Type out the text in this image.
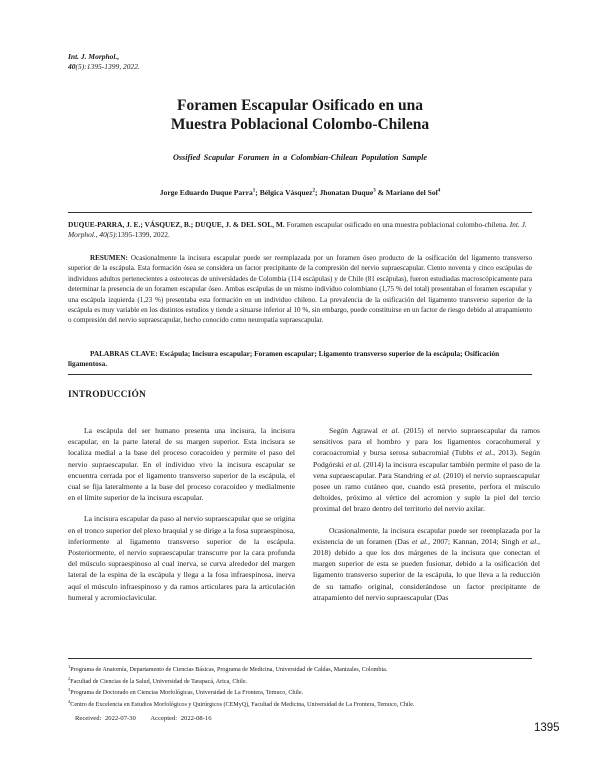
Int. J. Morphol.,
40(5):1395-1399, 2022.
Foramen Escapular Osificado en una
Muestra Poblacional Colombo-Chilena
Ossified Scapular Foramen in a Colombian-Chilean Population Sample
Jorge Eduardo Duque Parra$^1$; Bélgica Vásquez$^2$; Jhonatan Duque$^3$ & Mariano del Sol$^4$
DUQUE-PARRA, J. E.; VÁSQUEZ, B.; DUQUE, J. & DEL SOL, M. Foramen escapular osificado en una muestra poblacional colombo-chilena. Int. J. Morphol., 40(5):1395-1399, 2022.
RESUMEN: Ocasionalmente la incisura escapular puede ser reemplazada por un foramen óseo producto de la osificación del ligamento transverso superior de la escápula. Esta formación ósea se considera un factor precipitante de la compresión del nervio supraescapular. Ciento noventa y cinco escápulas de individuos adultos pertenecientes a osteotecas de universidades de Colombia (114 escápulas) y de Chile (81 escápulas), fueron estudiadas macroscópicamente para determinar la presencia de un foramen escapular óseo. Ambas escápulas de un mismo individuo colombiano (1,75 % del total) presentaban el foramen escapular y una escápula izquierda (1,23 %) presentaba esta formación en un individuo chileno. La prevalencia de la osificación del ligamento transverso superior de la escápula es muy variable en los distintos estudios y tiende a situarse inferior al 10 %, sin embargo, puede constituirse en un factor de riesgo debido al atrapamiento o compresión del nervio supraescapular, hecho conocido como neuropatía supraescapular.
PALABRAS CLAVE: Escápula; Incisura escapular; Foramen escapular; Ligamento transverso superior de la escápula; Osificación ligamentosa.
INTRODUCCIÓN

La escápula del ser humano presenta una incisura, la incisura escapular, en la parte lateral de su margen superior. Esta incisura se localiza medial a la base del proceso coracoideo y permite el paso del nervio supraescapular. En el individuo vivo la incisura escapular se encuentra cerrada por el ligamento transverso superior de la escápula, el cual se fija lateralmente a la base del proceso coracoideo y medialmente en el límite superior de la incisura escapular.

La incisura escapular da paso al nervio supraescapular que se origina en el tronco superior del plexo braquial y se dirige a la fosa supraespinosa, inferiormente al ligamento transverso superior de la escápula. Posteriormente, el nervio supraescapular transcurre por la cara profunda del músculo supraespinoso al cual inerva, se curva alrededor del margen lateral de la espina de la escápula y llega a la fosa infraespinosa, inerva aquí el músculo infraespinoso y da ramos articulares para la articulación humeral y acromioclavicular.

Según Agrawal et al. (2015) el nervio supraescapular da ramos sensitivos para el hombro y para los ligamentos coracohumeral y coracoacromial y bursa serosa subacromial (Tubbs et al., 2013). Según Podgórski et al. (2014) la incisura escapular también permite el paso de la vena supraescapular. Para Standring et al. (2010) el nervio supraescapular posee un ramo cutáneo que, cuando está presente, perfora el músculo deltoides, próximo al vértice del acromion y suple la piel del tercio proximal del brazo dentro del territorio del nervio axilar.

Ocasionalmente, la incisura escapular puede ser reemplazada por la existencia de un foramen (Das et al., 2007; Kannan, 2014; Singh et al., 2018) debido a que los dos márgenes de la incisura que conectan el margen superior de esta se pueden fusionar, debido a la osificación del ligamento transverso superior de la escápula, lo que lleva a la reducción de su tamaño original, considerándose un factor precipitante de atrapamiento del nervio supraescapular (Das

$^1$Programa de Anatomía, Departamento de Ciencias Básicas, Programa de Medicina, Universidad de Caldas, Manizales, Colombia.
$^2$Facultad de Ciencias de la Salud, Universidad de Tarapacá, Arica, Chile.
$^3$Programa de Doctorado en Ciencias Morfológicas, Universidad de La Frontera, Temuco, Chile.
$^4$Centro de Excelencia en Estudios Morfológicos y Quirúrgicos (CEMyQ), Facultad de Medicina, Universidad de La Frontera, Temuco, Chile.
Received: 2022-07-30 Accepted: 2022-08-16
1395
